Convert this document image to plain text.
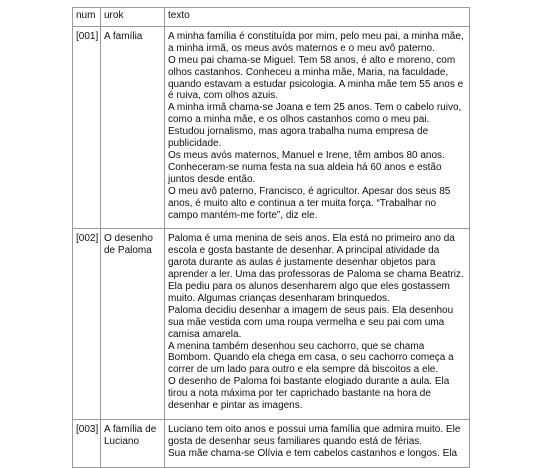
num	urok	texto
[001]	A família	A minha família é constituída por mim, pelo meu pai, a minha mãe, a minha irmã, os meus avós maternos e o meu avô paterno.
O meu pai chama-se Miguel. Tem 58 anos, é alto e moreno, com olhos castanhos. Conheceu a minha mãe, Maria, na faculdade, quando estavam a estudar psicologia. A minha mãe tem 55 anos e é ruiva, com olhos azuis.
A minha irmã chama-se Joana e tem 25 anos. Tem o cabelo ruivo, como a minha mãe, e os olhos castanhos como o meu pai. Estudou jornalismo, mas agora trabalha numa empresa de publicidade.
Os meus avós maternos, Manuel e Irene, têm ambos 80 anos. Conheceram-se numa festa na sua aldeia há 60 anos e estão juntos desde então.
O meu avô paterno, Francisco, é agricultor. Apesar dos seus 85 anos, é muito alto e continua a ter muita força. “Trabalhar no campo mantém-me forte”, diz ele.

[002]	O desenho de Paloma	Paloma é uma menina de seis anos. Ela está no primeiro ano da escola e gosta bastante de desenhar. A principal atividade da garota durante as aulas é justamente desenhar objetos para aprender a ler. Uma das professoras de Paloma se chama Beatriz. Ela pediu para os alunos desenharem algo que eles gostassem muito. Algumas crianças desenharam brinquedos.
Paloma decidiu desenhar a imagem de seus pais. Ela desenhou sua mãe vestida com uma roupa vermelha e seu pai com uma camisa amarela.
A menina também desenhou seu cachorro, que se chama Bombom. Quando ela chega em casa, o seu cachorro começa a correr de um lado para outro e ela sempre dá biscoitos a ele.
O desenho de Paloma foi bastante elogiado durante a aula. Ela tirou a nota máxima por ter caprichado bastante na hora de desenhar e pintar as imagens.

[003]	A família de Luciano	Luciano tem oito anos e possui uma família que admira muito. Ele gosta de desenhar seus familiares quando está de férias.
Sua mãe chama-se Olívia e tem cabelos castanhos e longos. Ela
